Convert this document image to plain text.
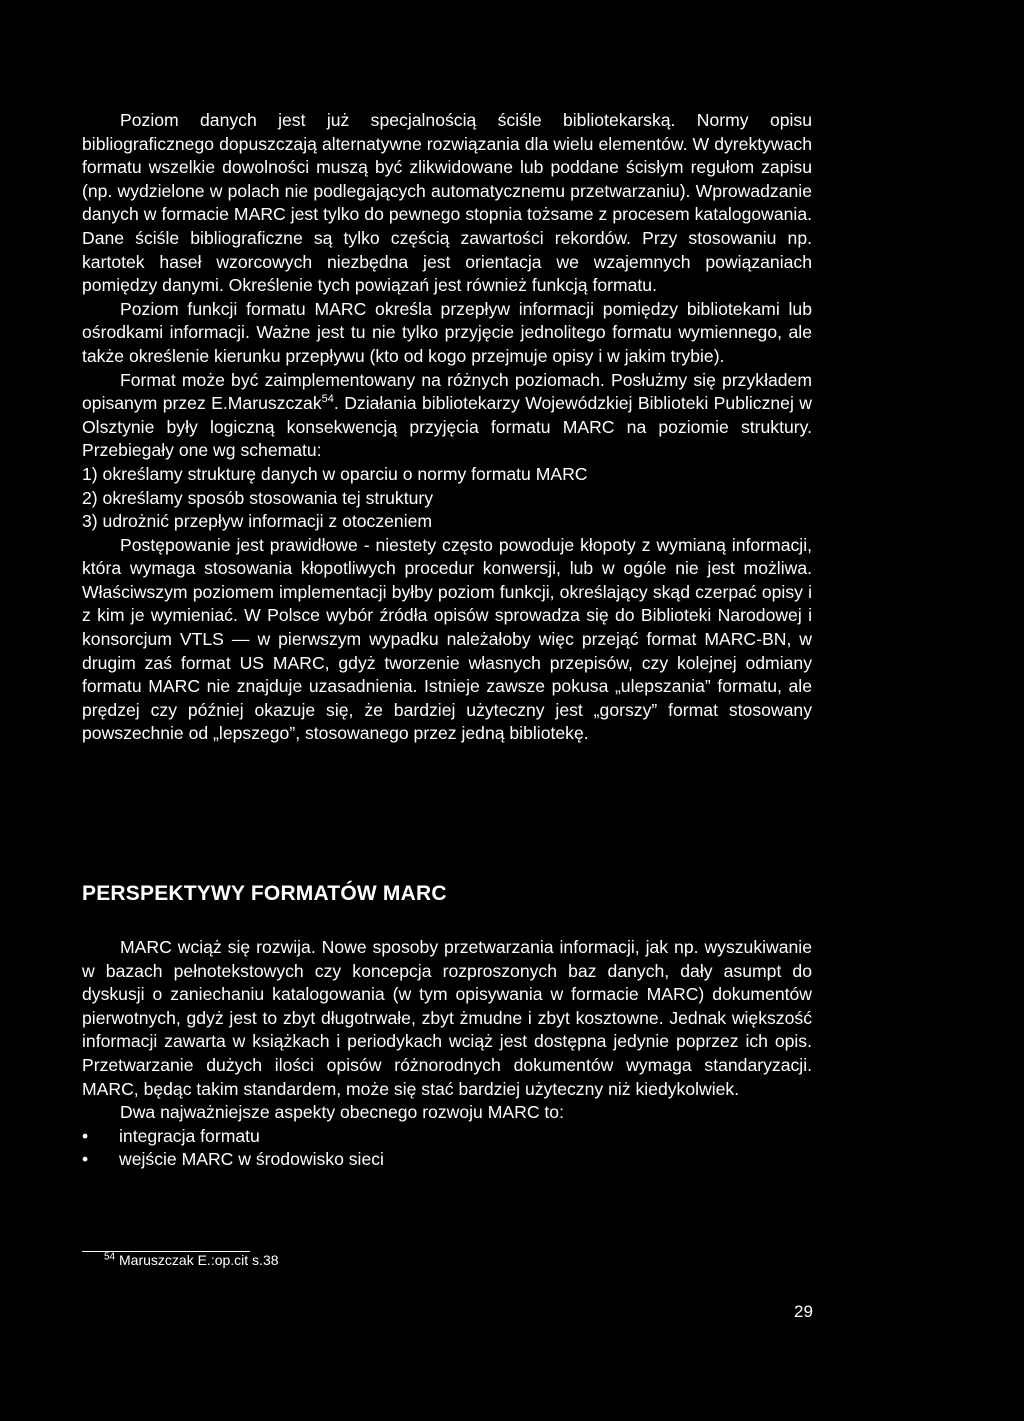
Poziom danych jest już specjalnością ściśle bibliotekarską. Normy opisu bibliograficznego dopuszczają alternatywne rozwiązania dla wielu elementów. W dyrektywach formatu wszelkie dowolności muszą być zlikwidowane lub poddane ścisłym regułom zapisu (np. wydzielone w polach nie podlegających automatycznemu przetwarzaniu). Wprowadzanie danych w formacie MARC jest tylko do pewnego stopnia tożsame z procesem katalogowania. Dane ściśle bibliograficzne są tylko częścią zawartości rekordów. Przy stosowaniu np. kartotek haseł wzorcowych niezbędna jest orientacja we wzajemnych powiązaniach pomiędzy danymi. Określenie tych powiązań jest również funkcją formatu.

Poziom funkcji formatu MARC określa przepływ informacji pomiędzy bibliotekami lub ośrodkami informacji. Ważne jest tu nie tylko przyjęcie jednolitego formatu wymiennego, ale także określenie kierunku przepływu (kto od kogo przejmuje opisy i w jakim trybie).

Format może być zaimplementowany na różnych poziomach. Posłużmy się przykładem opisanym przez E.Maruszczak$^{54}$. Działania bibliotekarzy Wojewódzkiej Biblioteki Publicznej w Olsztynie były logiczną konsekwencją przyjęcia formatu MARC na poziomie struktury. Przebiegały one wg schematu:

1) określamy strukturę danych w oparciu o normy formatu MARC

2) określamy sposób stosowania tej struktury

3) udrożnić przepływ informacji z otoczeniem

Postępowanie jest prawidłowe - niestety często powoduje kłopoty z wymianą informacji, która wymaga stosowania kłopotliwych procedur konwersji, lub w ogóle nie jest możliwa. Właściwszym poziomem implementacji byłby poziom funkcji, określający skąd czerpać opisy i z kim je wymieniać. W Polsce wybór źródła opisów sprowadza się do Biblioteki Narodowej i konsorcjum VTLS — w pierwszym wypadku należałoby więc przejąć format MARC-BN, w drugim zaś format US MARC, gdyż tworzenie własnych przepisów, czy kolejnej odmiany formatu MARC nie znajduje uzasadnienia. Istnieje zawsze pokusa „ulepszania” formatu, ale prędzej czy później okazuje się, że bardziej użyteczny jest „gorszy” format stosowany powszechnie od „lepszego”, stosowanego przez jedną bibliotekę.

PERSPEKTYWY FORMATÓW MARC

MARC wciąż się rozwija. Nowe sposoby przetwarzania informacji, jak np. wyszukiwanie w bazach pełnotekstowych czy koncepcja rozproszonych baz danych, dały asumpt do dyskusji o zaniechaniu katalogowania (w tym opisywania w formacie MARC) dokumentów pierwotnych, gdyż jest to zbyt długotrwałe, zbyt żmudne i zbyt kosztowne. Jednak większość informacji zawarta w książkach i periodykach wciąż jest dostępna jedynie poprzez ich opis. Przetwarzanie dużych ilości opisów różnorodnych dokumentów wymaga standaryzacji. MARC, będąc takim standardem, może się stać bardziej użyteczny niż kiedykolwiek.

Dwa najważniejsze aspekty obecnego rozwoju MARC to:

• integracja formatu
• wejście MARC w środowisko sieci
$^{54}$ Maruszczak E.:op.cit s.38
29
